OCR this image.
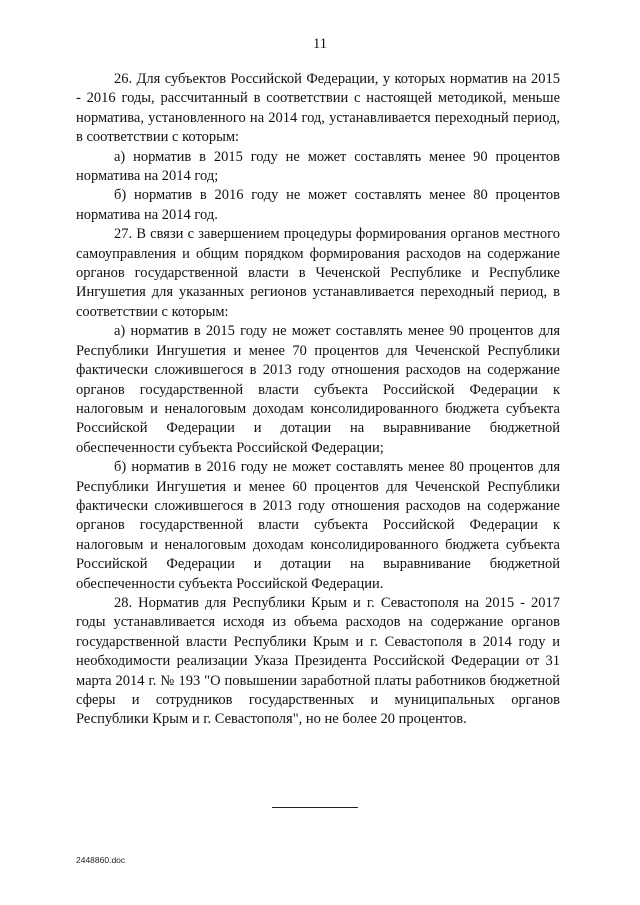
11

26. Для субъектов Российской Федерации, у которых норматив на 2015 - 2016 годы, рассчитанный в соответствии с настоящей методикой, меньше норматива, установленного на 2014 год, устанавливается переходный период, в соответствии с которым:

а) норматив в 2015 году не может составлять менее 90 процентов норматива на 2014 год;

б) норматив в 2016 году не может составлять менее 80 процентов норматива на 2014 год.

27. В связи с завершением процедуры формирования органов местного самоуправления и общим порядком формирования расходов на содержание органов государственной власти в Чеченской Республике и Республике Ингушетия для указанных регионов устанавливается переходный период, в соответствии с которым:

а) норматив в 2015 году не может составлять менее 90 процентов для Республики Ингушетия и менее 70 процентов для Чеченской Республики фактически сложившегося в 2013 году отношения расходов на содержание органов государственной власти субъекта Российской Федерации к налоговым и неналоговым доходам консолидированного бюджета субъекта Российской Федерации и дотации на выравнивание бюджетной обеспеченности субъекта Российской Федерации;

б) норматив в 2016 году не может составлять менее 80 процентов для Республики Ингушетия и менее 60 процентов для Чеченской Республики фактически сложившегося в 2013 году отношения расходов на содержание органов государственной власти субъекта Российской Федерации к налоговым и неналоговым доходам консолидированного бюджета субъекта Российской Федерации и дотации на выравнивание бюджетной обеспеченности субъекта Российской Федерации.

28. Норматив для Республики Крым и г. Севастополя на 2015 - 2017 годы устанавливается исходя из объема расходов на содержание органов государственной власти Республики Крым и г. Севастополя в 2014 году и необходимости реализации Указа Президента Российской Федерации от 31 марта 2014 г. № 193 "О повышении заработной платы работников бюджетной сферы и сотрудников государственных и муниципальных органов Республики Крым и г. Севастополя", но не более 20 процентов.

2448860.doc
